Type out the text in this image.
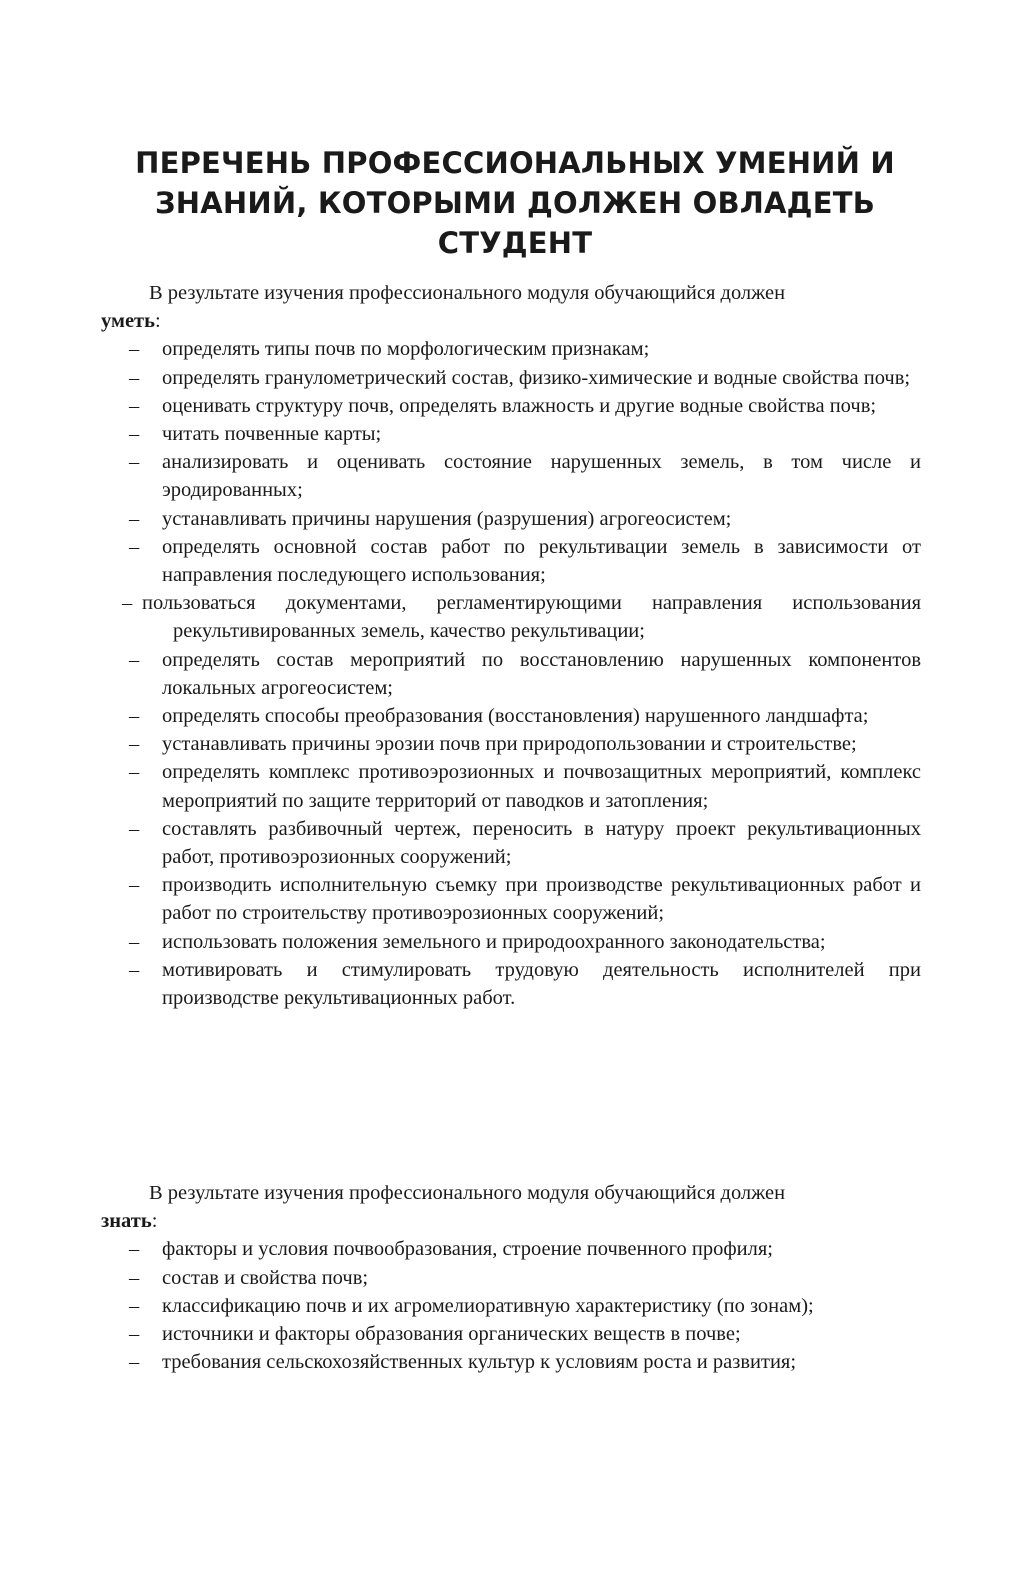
ПЕРЕЧЕНЬ ПРОФЕССИОНАЛЬНЫХ УМЕНИЙ И
ЗНАНИЙ, КОТОРЫМИ ДОЛЖЕН ОВЛАДЕТЬ
СТУДЕНТ

В результате изучения профессионального модуля обучающийся должен
уметь:

– определять типы почв по морфологическим признакам;
– определять гранулометрический состав, физико-химические и водные свойства почв;
– оценивать структуру почв, определять влажность и другие водные свойства почв;
– читать почвенные карты;
– анализировать и оценивать состояние нарушенных земель, в том числе и эродированных;
– устанавливать причины нарушения (разрушения) агрогеосистем;
– определять основной состав работ по рекультивации земель в зависимости от направления последующего использования;
– пользоваться документами, регламентирующими направления использования рекультивированных земель, качество рекультивации;
– определять состав мероприятий по восстановлению нарушенных компонентов локальных агрогеосистем;
– определять способы преобразования (восстановления) нарушенного ландшафта;
– устанавливать причины эрозии почв при природопользовании и строительстве;
– определять комплекс противоэрозионных и почвозащитных мероприятий, комплекс мероприятий по защите территорий от паводков и затопления;
– составлять разбивочный чертеж, переносить в натуру проект рекультивационных работ, противоэрозионных сооружений;
– производить исполнительную съемку при производстве рекультивационных работ и работ по строительству противоэрозионных сооружений;
– использовать положения земельного и природоохранного законодательства;
– мотивировать и стимулировать трудовую деятельность исполнителей при производстве рекультивационных работ.

В результате изучения профессионального модуля обучающийся должен
знать:

– факторы и условия почвообразования, строение почвенного профиля;
– состав и свойства почв;
– классификацию почв и их агромелиоративную характеристику (по зонам);
– источники и факторы образования органических веществ в почве;
– требования сельскохозяйственных культур к условиям роста и развития;
